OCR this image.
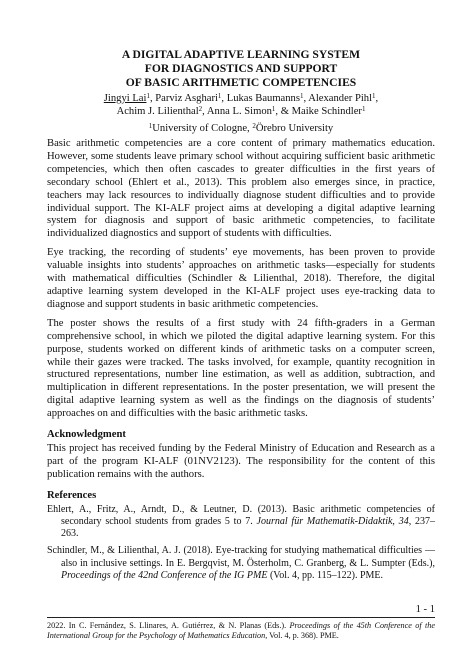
A DIGITAL ADAPTIVE LEARNING SYSTEM
FOR DIAGNOSTICS AND SUPPORT
OF BASIC ARITHMETIC COMPETENCIES
Jingyi Lai$^1$, Parviz Asghari$^1$, Lukas Baumanns$^1$, Alexander Pihl$^1$,
Achim J. Lilienthal$^2$, Anna L. Simon$^1$, & Maike Schindler$^1$
$^1$University of Cologne, $^2$Örebro University

Basic arithmetic competencies are a core content of primary mathematics education. However, some students leave primary school without acquiring sufficient basic arithmetic competencies, which then often cascades to greater difficulties in the first years of secondary school (Ehlert et al., 2013). This problem also emerges since, in practice, teachers may lack resources to individually diagnose student difficulties and to provide individual support. The KI-ALF project aims at developing a digital adaptive learning system for diagnosis and support of basic arithmetic competencies, to facilitate individualized diagnostics and support of students with difficulties.

Eye tracking, the recording of students’ eye movements, has been proven to provide valuable insights into students’ approaches on arithmetic tasks—especially for students with mathematical difficulties (Schindler & Lilienthal, 2018). Therefore, the digital adaptive learning system developed in the KI-ALF project uses eye-tracking data to diagnose and support students in basic arithmetic competencies.

The poster shows the results of a first study with 24 fifth-graders in a German comprehensive school, in which we piloted the digital adaptive learning system. For this purpose, students worked on different kinds of arithmetic tasks on a computer screen, while their gazes were tracked. The tasks involved, for example, quantity recognition in structured representations, number line estimation, as well as addition, subtraction, and multiplication in different representations. In the poster presentation, we will present the digital adaptive learning system as well as the findings on the diagnosis of students’ approaches on and difficulties with the basic arithmetic tasks.

Acknowledgment

This project has received funding by the Federal Ministry of Education and Research as a part of the program KI-ALF (01NV2123). The responsibility for the content of this publication remains with the authors.

References

Ehlert, A., Fritz, A., Arndt, D., & Leutner, D. (2013). Basic arithmetic competencies of secondary school students from grades 5 to 7. Journal für Mathematik-Didaktik, 34, 237–263.

Schindler, M., & Lilienthal, A. J. (2018). Eye-tracking for studying mathematical difficulties — also in inclusive settings. In E. Bergqvist, M. Österholm, C. Granberg, & L. Sumpter (Eds.), Proceedings of the 42nd Conference of the IG PME (Vol. 4, pp. 115–122). PME.

1 - 1
2022. In C. Fernández, S. Llinares, A. Gutiérrez, & N. Planas (Eds.). Proceedings of the 45th Conference of the International Group for the Psychology of Mathematics Education, Vol. 4, p. 368). PME.
